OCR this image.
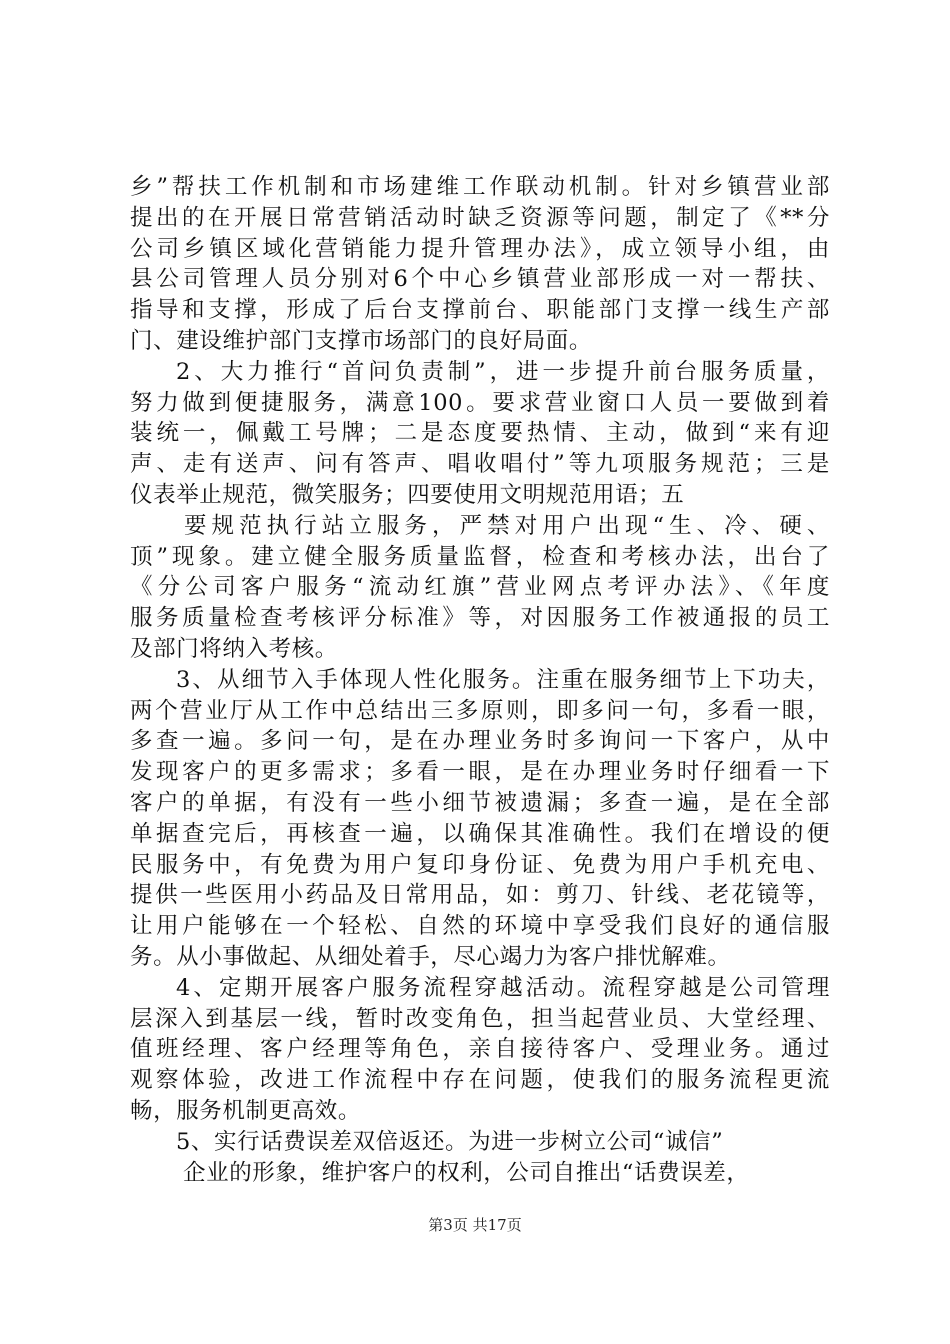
乡”帮扶工作机制和市场建维工作联动机制。针对乡镇营业部
提出的在开展日常营销活动时缺乏资源等问题，制定了《**分
公司乡镇区域化营销能力提升管理办法》，成立领导小组，由
县公司管理人员分别对6个中心乡镇营业部形成一对一帮扶、
指导和支撑，形成了后台支撑前台、职能部门支撑一线生产部
门、建设维护部门支撑市场部门的良好局面。
2、大力推行“首问负责制”，进一步提升前台服务质量，
努力做到便捷服务，满意100。要求营业窗口人员一要做到着
装统一，佩戴工号牌；二是态度要热情、主动，做到“来有迎
声、走有送声、问有答声、唱收唱付”等九项服务规范；三是
仪表举止规范，微笑服务；四要使用文明规范用语；五
要规范执行站立服务，严禁对用户出现“生、冷、硬、
顶”现象。建立健全服务质量监督，检查和考核办法，出台了
《分公司客户服务“流动红旗”营业网点考评办法》、《年度
服务质量检查考核评分标准》等，对因服务工作被通报的员工
及部门将纳入考核。
3、从细节入手体现人性化服务。注重在服务细节上下功夫，
两个营业厅从工作中总结出三多原则，即多问一句，多看一眼，
多查一遍。多问一句，是在办理业务时多询问一下客户，从中
发现客户的更多需求；多看一眼，是在办理业务时仔细看一下
客户的单据，有没有一些小细节被遗漏；多查一遍，是在全部
单据查完后，再核查一遍，以确保其准确性。我们在增设的便
民服务中，有免费为用户复印身份证、免费为用户手机充电、
提供一些医用小药品及日常用品，如：剪刀、针线、老花镜等，
让用户能够在一个轻松、自然的环境中享受我们良好的通信服
务。从小事做起、从细处着手，尽心竭力为客户排忧解难。
4、定期开展客户服务流程穿越活动。流程穿越是公司管理
层深入到基层一线，暂时改变角色，担当起营业员、大堂经理、
值班经理、客户经理等角色，亲自接待客户、受理业务。通过
观察体验，改进工作流程中存在问题，使我们的服务流程更流
畅，服务机制更高效。
5、实行话费误差双倍返还。为进一步树立公司“诚信”
企业的形象，维护客户的权利，公司自推出“话费误差，
第3页 共17页
